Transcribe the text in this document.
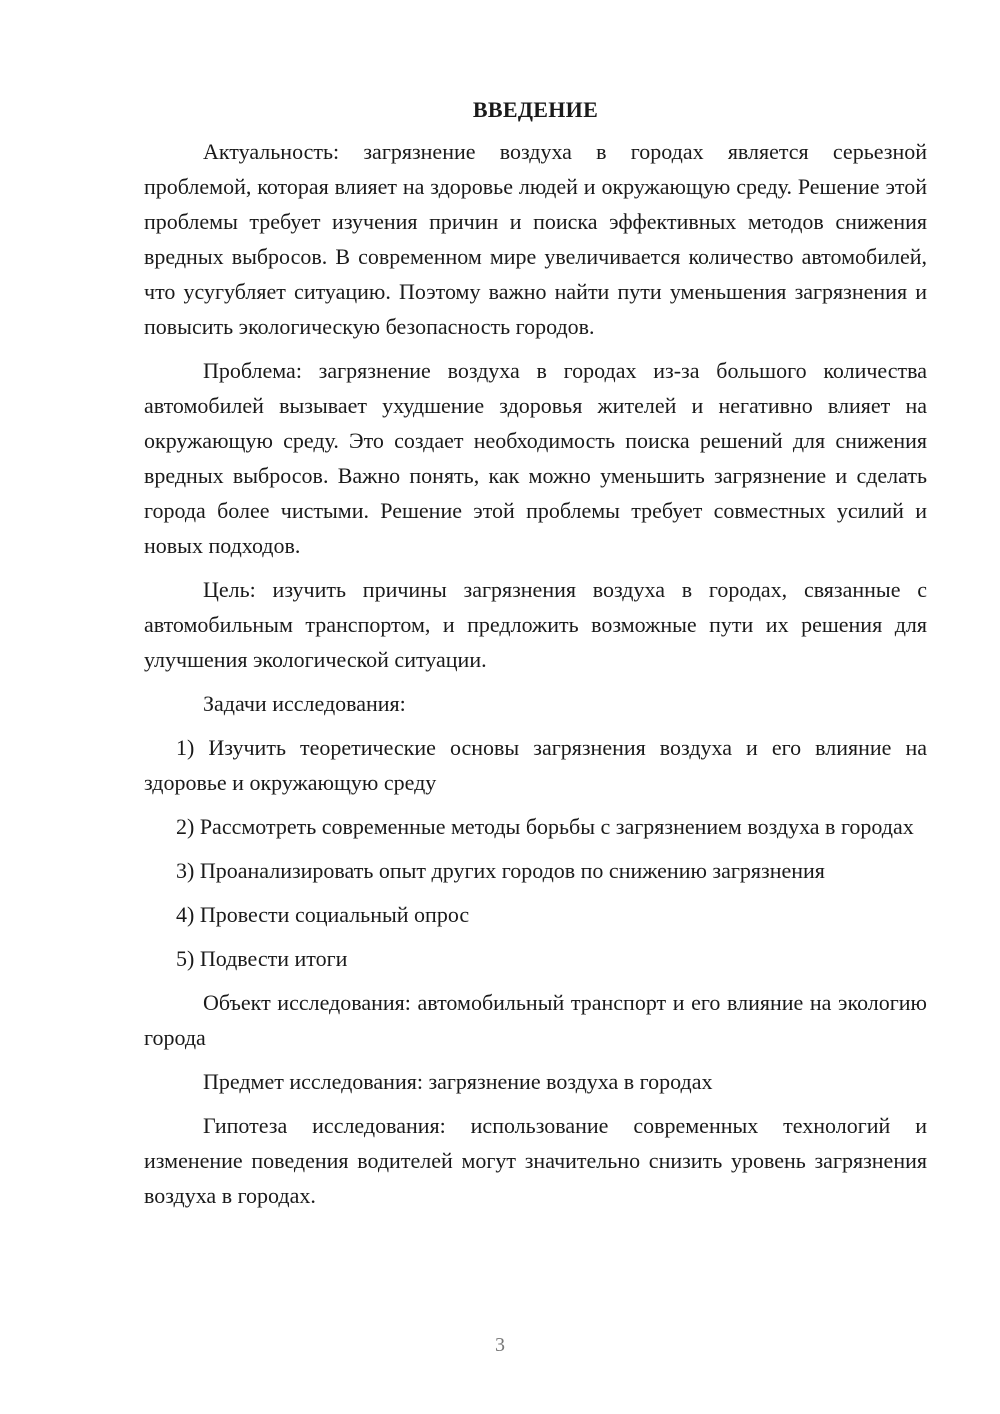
ВВЕДЕНИЕ

Актуальность: загрязнение воздуха в городах является серьезной проблемой, которая влияет на здоровье людей и окружающую среду. Решение этой проблемы требует изучения причин и поиска эффективных методов снижения вредных выбросов. В современном мире увеличивается количество автомобилей, что усугубляет ситуацию. Поэтому важно найти пути уменьшения загрязнения и повысить экологическую безопасность городов.

Проблема: загрязнение воздуха в городах из-за большого количества автомобилей вызывает ухудшение здоровья жителей и негативно влияет на окружающую среду. Это создает необходимость поиска решений для снижения вредных выбросов. Важно понять, как можно уменьшить загрязнение и сделать города более чистыми. Решение этой проблемы требует совместных усилий и новых подходов.

Цель: изучить причины загрязнения воздуха в городах, связанные с автомобильным транспортом, и предложить возможные пути их решения для улучшения экологической ситуации.

Задачи исследования:

1) Изучить теоретические основы загрязнения воздуха и его влияние на здоровье и окружающую среду

2) Рассмотреть современные методы борьбы с загрязнением воздуха в городах

3) Проанализировать опыт других городов по снижению загрязнения

4) Провести социальный опрос

5) Подвести итоги

Объект исследования: автомобильный транспорт и его влияние на экологию города

Предмет исследования: загрязнение воздуха в городах

Гипотеза исследования: использование современных технологий и изменение поведения водителей могут значительно снизить уровень загрязнения воздуха в городах.

3
